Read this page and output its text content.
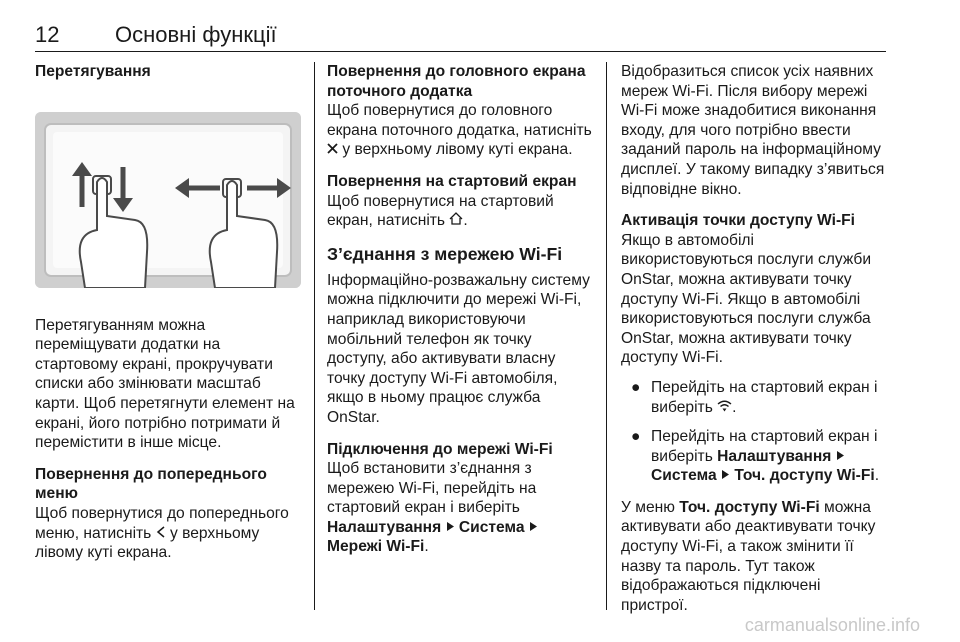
12	Основні функції

Перетягування

Перетягуванням можна переміщувати додатки на стартовому екрані, прокручувати списки або змінювати масштаб карти. Щоб перетягнути елемент на екрані, його потрібно потримати й перемістити в інше місце.

Повернення до попереднього меню

Щоб повернутися до попереднього меню, натисніть у верхньому лівому куті екрана.

Повернення до головного екрана поточного додатка

Щоб повернутися до головного екрана поточного додатка, натисніть  у верхньому лівому куті екрана.

Повернення на стартовий екран

Щоб повернутися на стартовий екран, натисніть .

З’єднання з мережею Wi-Fi

Інформаційно-розважальну систему можна підключити до мережі Wi-Fi, наприклад використовуючи мобільний телефон як точку доступу, або активувати власну точку доступу Wi-Fi автомобіля, якщо в ньому працює служба OnStar.

Підключення до мережі Wi-Fi

Щоб встановити з’єднання з мережею Wi-Fi, перейдіть на стартовий екран і виберіть Налаштування Система  Мережі Wi-Fi.

Відобразиться список усіх наявних мереж Wi-Fi. Після вибору мережі Wi-Fi може знадобитися виконання входу, для чого потрібно ввести заданий пароль на інформаційному дисплеї. У такому випадку з’явиться відповідне вікно.

Активація точки доступу Wi-Fi

Якщо в автомобілі використовуються послуги служби OnStar, можна активувати точку доступу Wi-Fi. Якщо в автомобілі використовуються послуги служба OnStar, можна активувати точку доступу Wi-Fi.

● Перейдіть на стартовий екран і виберіть .
● Перейдіть на стартовий екран і виберіть Налаштування  Система Точ. доступу Wi-Fi.

У меню Точ. доступу Wi-Fi можна активувати або деактивувати точку доступу Wi-Fi, а також змінити її назву та пароль. Тут також відображаються підключені пристрої.

carmanualsonline.info
